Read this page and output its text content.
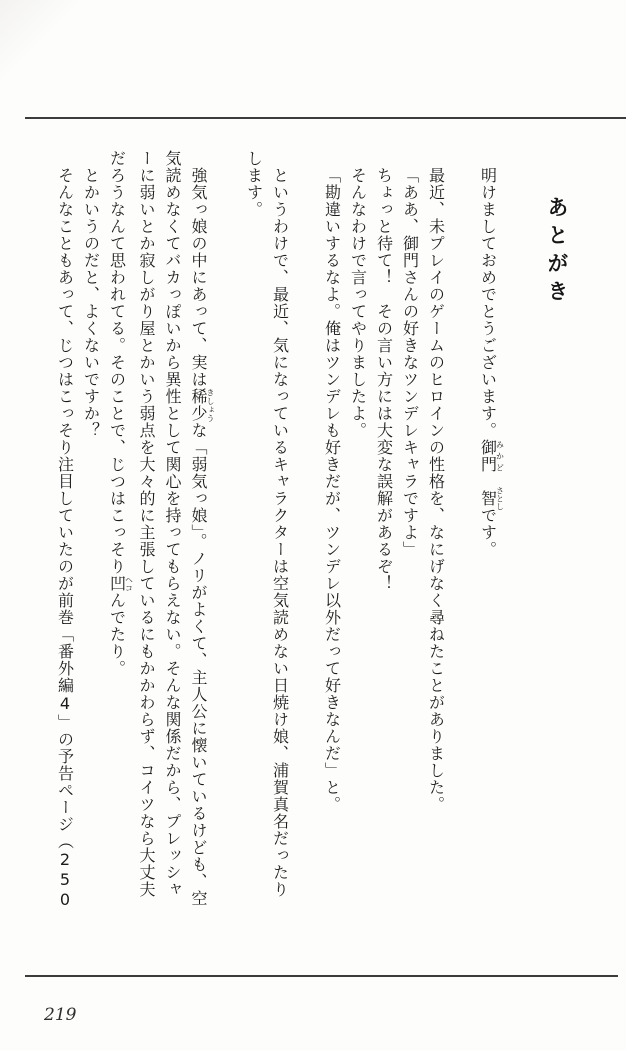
あとがき
明けましておめでとうございます。御門みかど　智さとしです。
最近、未プレイのゲームのヒロインの性格を、なにげなく尋ねたことがありました。
「ああ、御門さんの好きなツンデレキャラですよ」
ちょっと待て！　その言い方には大変な誤解があるぞ！
そんなわけで言ってやりましたよ。
「勘違いするなよ。俺はツンデレも好きだが、ツンデレ以外だって好きなんだ」と。
というわけで、最近、気になっているキャラクターは空気読めない日焼け娘、浦賀真名だったり
します。
強気っ娘の中にあって、実は稀少きしょうな「弱気っ娘」。ノリがよくて、主人公に懐いているけども、空
気読めなくてバカっぽいから異性として関心を持ってもらえない。そんな関係だから、プレッシャ
ーに弱いとか寂しがり屋とかいう弱点を大々的に主張しているにもかかわらず、コイツなら大丈夫
だろうなんて思われてる。そのことで、じつはこっそり凹ヘコんでたり。
とかいうのだと、よくないですか？
そんなこともあって、じつはこっそり注目していたのが前巻「番外編4」の予告ページ（250
219
